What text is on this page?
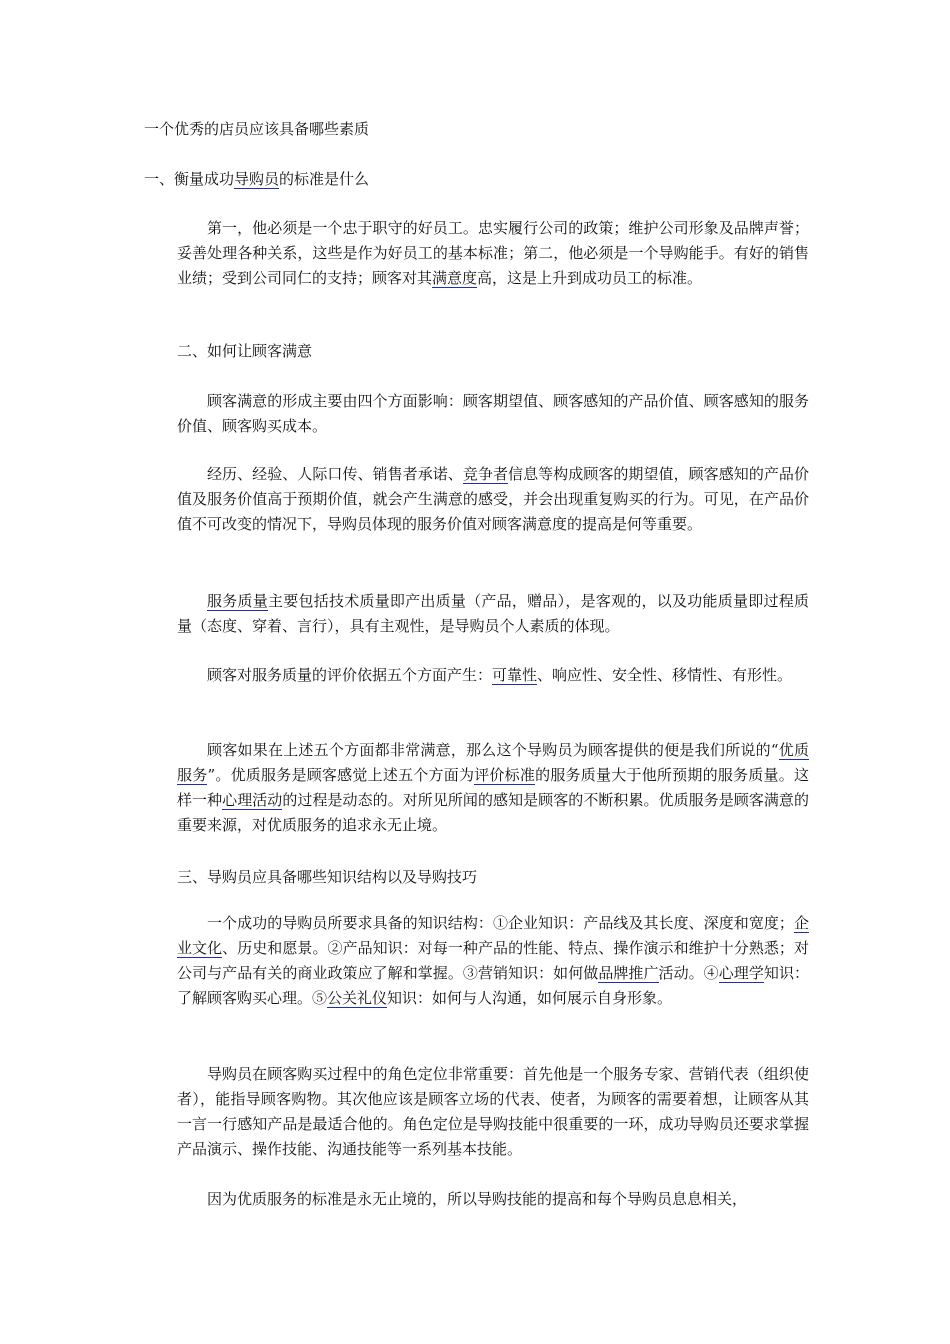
一个优秀的店员应该具备哪些素质
一、衡量成功导购员的标准是什么

第一，他必须是一个忠于职守的好员工。忠实履行公司的政策；维护公司形象及品牌声誉；妥善处理各种关系，这些是作为好员工的基本标准；第二，他必须是一个导购能手。有好的销售业绩；受到公司同仁的支持；顾客对其满意度高，这是上升到成功员工的标准。

二、如何让顾客满意

顾客满意的形成主要由四个方面影响：顾客期望值、顾客感知的产品价值、顾客感知的服务价值、顾客购买成本。

经历、经验、人际口传、销售者承诺、竞争者信息等构成顾客的期望值，顾客感知的产品价值及服务价值高于预期价值，就会产生满意的感受，并会出现重复购买的行为。可见，在产品价值不可改变的情况下，导购员体现的服务价值对顾客满意度的提高是何等重要。

服务质量主要包括技术质量即产出质量（产品，赠品），是客观的，以及功能质量即过程质量（态度、穿着、言行），具有主观性，是导购员个人素质的体现。

顾客对服务质量的评价依据五个方面产生：可靠性、响应性、安全性、移情性、有形性。

顾客如果在上述五个方面都非常满意，那么这个导购员为顾客提供的便是我们所说的“优质服务”。优质服务是顾客感觉上述五个方面为评价标准的服务质量大于他所预期的服务质量。这样一种心理活动的过程是动态的。对所见所闻的感知是顾客的不断积累。优质服务是顾客满意的重要来源，对优质服务的追求永无止境。

三、导购员应具备哪些知识结构以及导购技巧

一个成功的导购员所要求具备的知识结构：①企业知识：产品线及其长度、深度和宽度；企业文化、历史和愿景。②产品知识：对每一种产品的性能、特点、操作演示和维护十分熟悉；对公司与产品有关的商业政策应了解和掌握。③营销知识：如何做品牌推广活动。④心理学知识：了解顾客购买心理。⑤公关礼仪知识：如何与人沟通，如何展示自身形象。

导购员在顾客购买过程中的角色定位非常重要：首先他是一个服务专家、营销代表（组织使者），能指导顾客购物。其次他应该是顾客立场的代表、使者，为顾客的需要着想，让顾客从其一言一行感知产品是最适合他的。角色定位是导购技能中很重要的一环，成功导购员还要求掌握产品演示、操作技能、沟通技能等一系列基本技能。

因为优质服务的标准是永无止境的，所以导购技能的提高和每个导购员息息相关，
